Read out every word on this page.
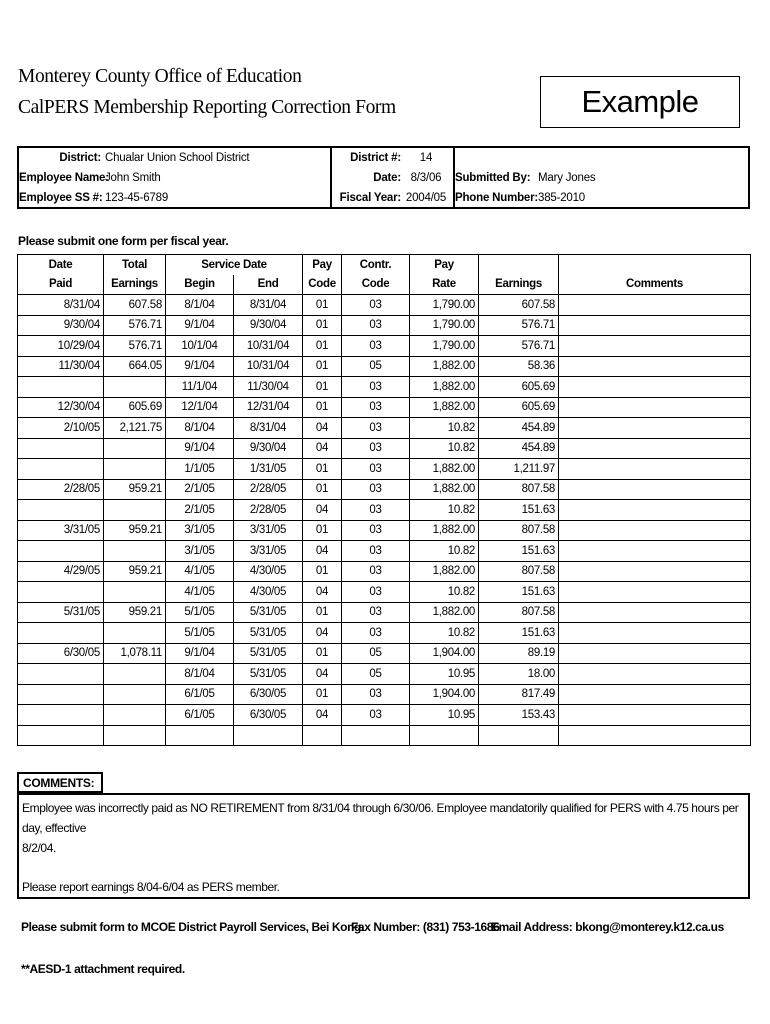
Monterey County Office of Education
CalPERS Membership Reporting Correction Form	Example
District: Chualar Union School District
Employee Name:
John Smith
Employee SS #: 123-45-6789
District #:	14
Date: 8/3/06
Fiscal Year: 2004/05
Submitted By: Mary Jones
Phone Number: 385-2010
Please submit one form per fiscal year.
Date	Total	Service Date		Pay	Contr.	Pay		
Paid	Earnings	Begin	End	Code	Code	Rate	Earnings	Comments
8/31/04	607.58	8/1/04	8/31/04	01	03	1,790.00	607.58	
9/30/04	576.71	9/1/04	9/30/04	01	03	1,790.00	576.71	
10/29/04	576.71	10/1/04	10/31/04	01	03	1,790.00	576.71	
11/30/04	664.05	9/1/04	10/31/04	01	05	1,882.00	58.36	
		11/1/04	11/30/04	01	03	1,882.00	605.69	
12/30/04	605.69	12/1/04	12/31/04	01	03	1,882.00	605.69	
2/10/05	2,121.75	8/1/04	8/31/04	04	03	10.82	454.89	
		9/1/04	9/30/04	04	03	10.82	454.89	
		1/1/05	1/31/05	01	03	1,882.00	1,211.97	
2/28/05	959.21	2/1/05	2/28/05	01	03	1,882.00	807.58	
		2/1/05	2/28/05	04	03	10.82	151.63	
3/31/05	959.21	3/1/05	3/31/05	01	03	1,882.00	807.58	
		3/1/05	3/31/05	04	03	10.82	151.63	
4/29/05	959.21	4/1/05	4/30/05	01	03	1,882.00	807.58	
		4/1/05	4/30/05	04	03	10.82	151.63	
5/31/05	959.21	5/1/05	5/31/05	01	03	1,882.00	807.58	
		5/1/05	5/31/05	04	03	10.82	151.63	
6/30/05	1,078.11	9/1/04	5/31/05	01	05	1,904.00	89.19	
		8/1/04	5/31/05	04	05	10.95	18.00	
		6/1/05	6/30/05	01	03	1,904.00	817.49	
		6/1/05	6/30/05	04	03	10.95	153.43	

COMMENTS:

Employee was incorrectly paid as NO RETIREMENT from 8/31/04 through 6/30/06. Employee mandatorily qualified for PERS with 4.75 hours per day, effective

8/2/04.

Please report earnings 8/04-6/04 as PERS member.

Please submit form to MCOE District Payroll Services, Bei Kong.
Fax Number: (831) 753-1686
Email Address: bkong@monterey.k12.ca.us
**AESD-1 attachment required.
